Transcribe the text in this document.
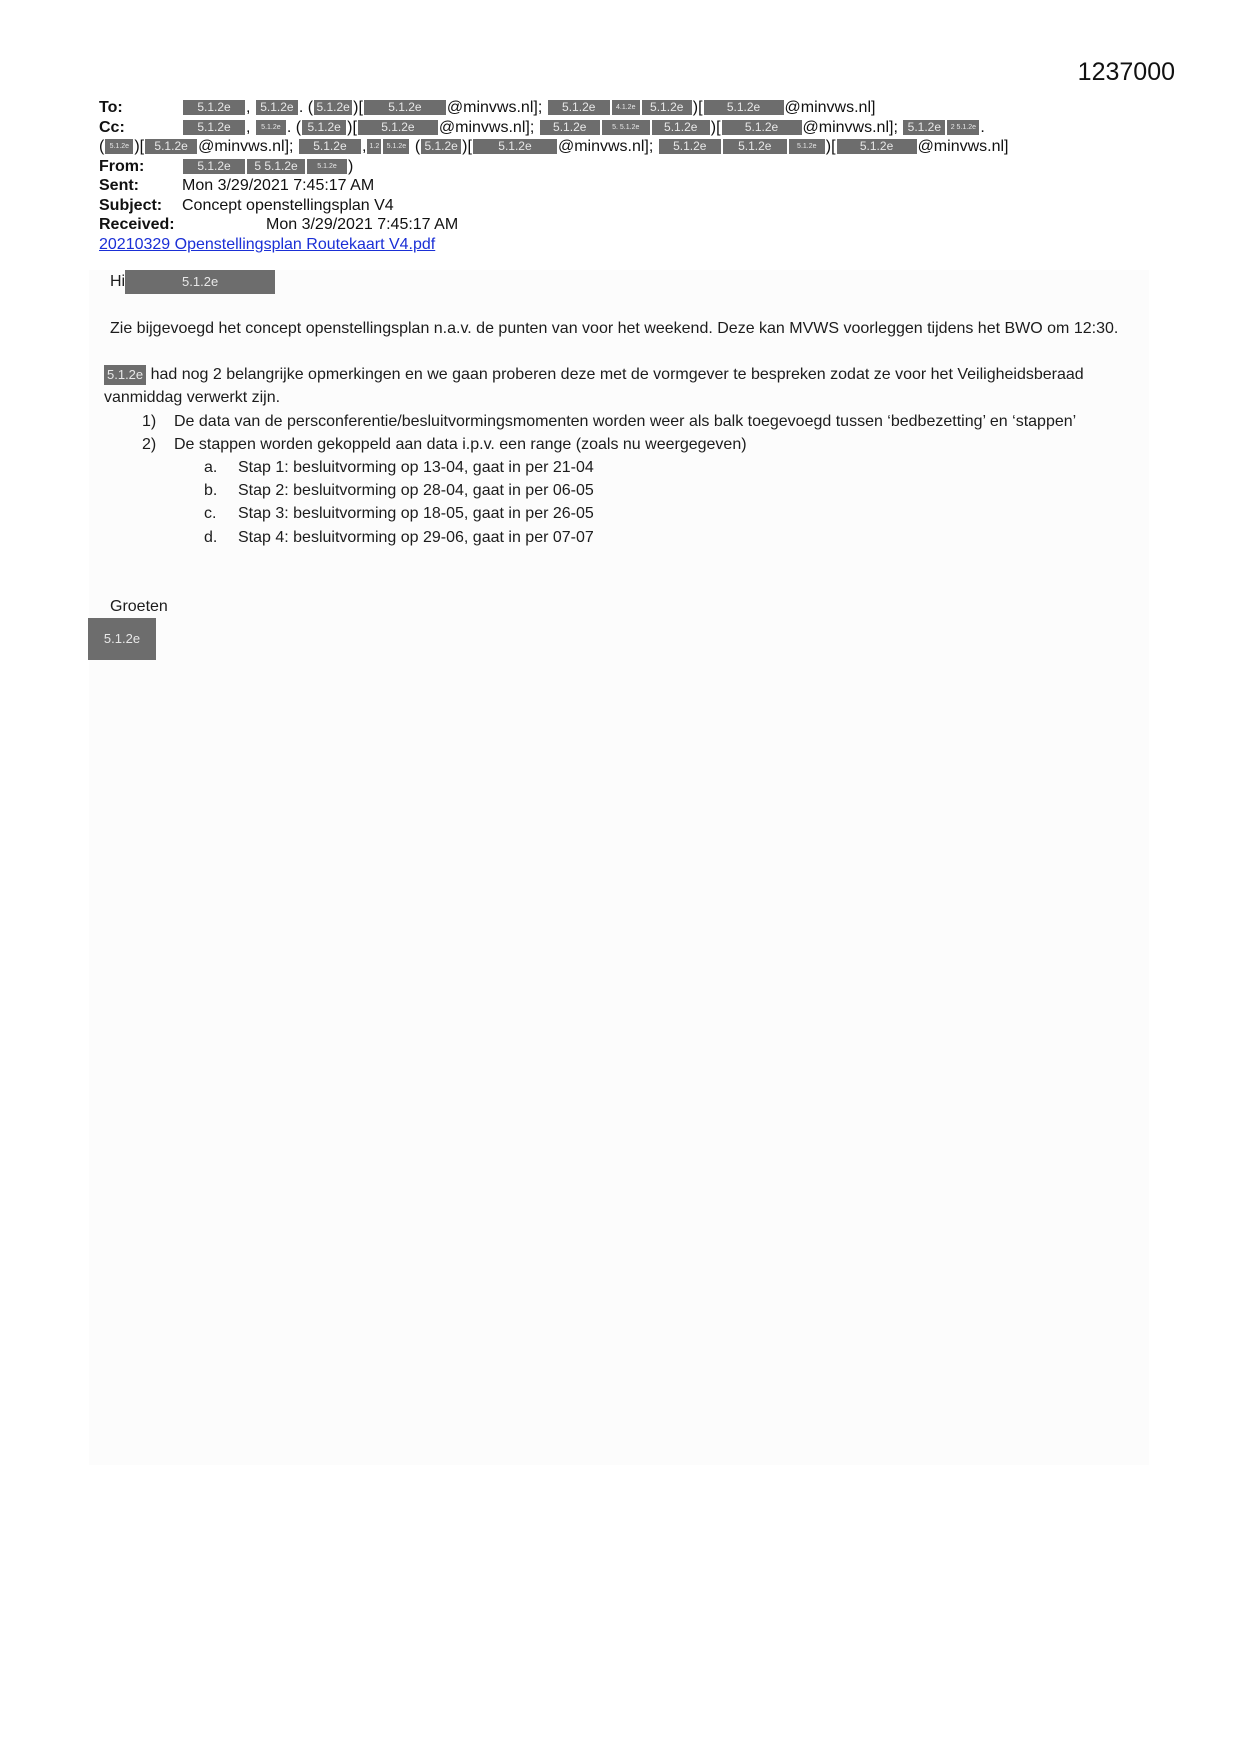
1237000
To:	5.1.2e , 5.1.2e . ( 5.1.2e )[ 5.1.2e @minvws.nl]; 5.1.2e	4.1.2e 5.1.2e )[ 5.1.2e @minvws.nl]
Cc:	5.1.2e , 5.1.2e . ( 5.1.2e )[ 5.1.2e @minvws.nl]; 5.1.2e	5. 5.1.2e 5.1.2e )[ 5.1.2e @minvws.nl]; 5.1.2e 2 5.1.2e .
( 5.1.2e )[ 5.1.2e @minvws.nl]; 5.1.2e , 1.2 5.1.2e ( 5.1.2e )[ 5.1.2e @minvws.nl]; 5.1.2e	5.1.2e	5.1.2e )[ 5.1.2e @minvws.nl]
From:	5.1.2e 5 5.1.2e	5.1.2e )
Sent:	Mon 3/29/2021 7:45:17 AM
Subject: Concept openstellingsplan V4
Received:	Mon 3/29/2021 7:45:17 AM
20210329 Openstellingsplan Routekaart V4.pdf

Hi	5.1.2e

Zie bijgevoegd het concept openstellingsplan n.a.v. de punten van voor het weekend. Deze kan MVWS voorleggen tijdens het BWO om 12:30.

5.1.2e had nog 2 belangrijke opmerkingen en we gaan proberen deze met de vormgever te bespreken zodat ze voor het Veiligheidsberaad vanmiddag verwerkt zijn.

1) De data van de persconferentie/besluitvormingsmomenten worden weer als balk toegevoegd tussen ‘bedbezetting’ en ‘stappen’
2) De stappen worden gekoppeld aan data i.p.v. een range (zoals nu weergegeven)
a. Stap 1: besluitvorming op 13-04, gaat in per 21-04
b. Stap 2: besluitvorming op 28-04, gaat in per 06-05
c. Stap 3: besluitvorming op 18-05, gaat in per 26-05
d. Stap 4: besluitvorming op 29-06, gaat in per 07-07

Groeten

5.1.2e
